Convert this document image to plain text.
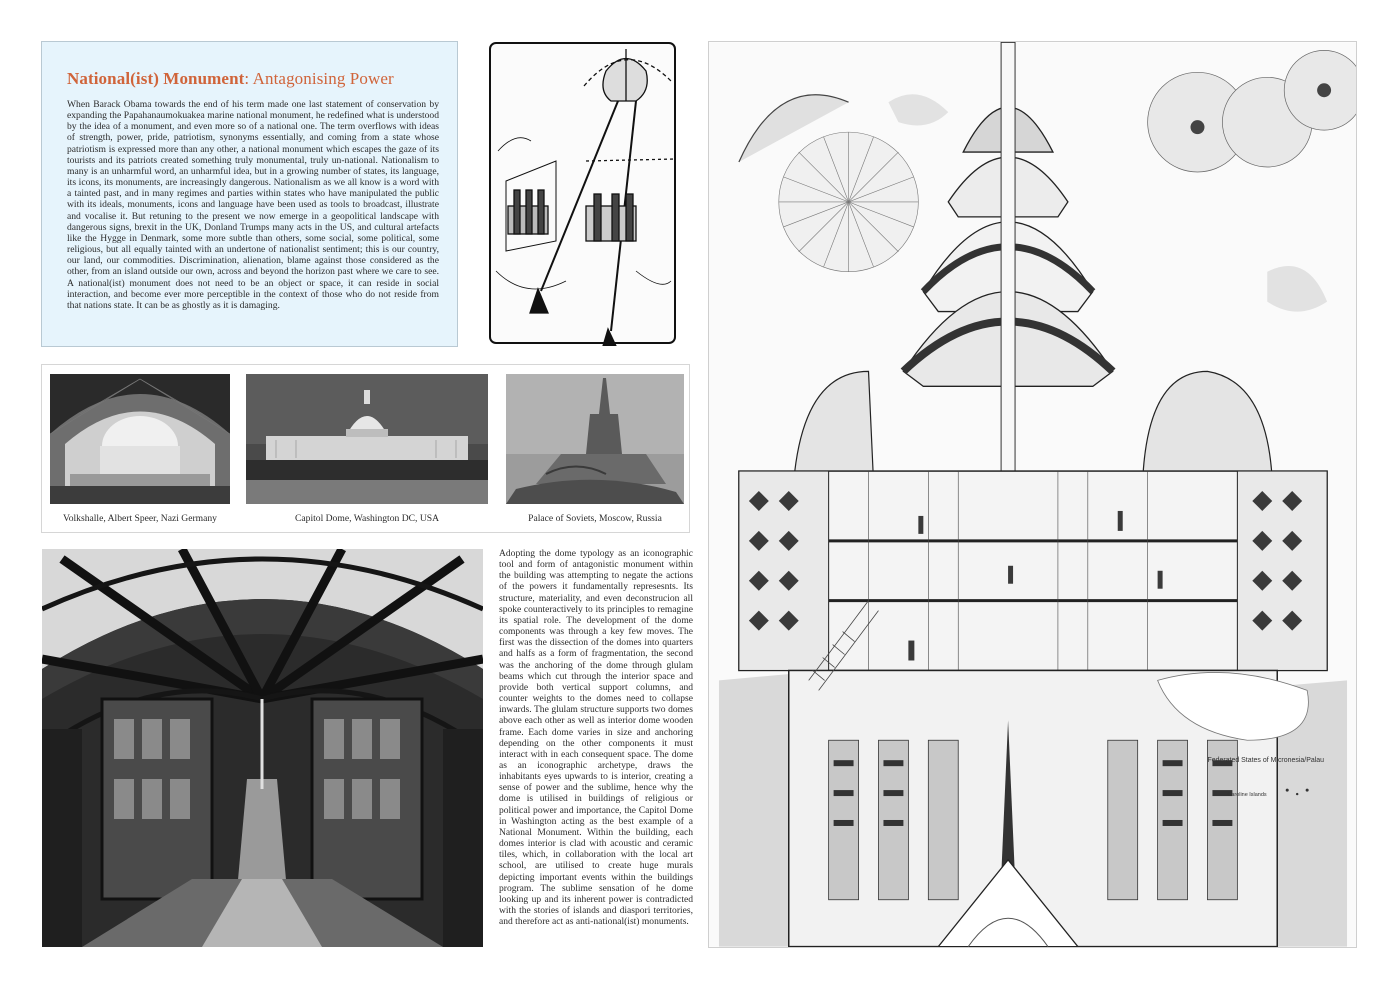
National(ist) Monument: Antagonising Power

When Barack Obama towards the end of his term made one last statement of conservation by expanding the Papahanaumokuakea marine national monument, he redefined what is understood by the idea of a monument, and even more so of a national one. The term overflows with ideas of strength, power, pride, patriotism, synonyms essentially, and coming from a state whose patriotism is expressed more than any other, a national monument which escapes the gaze of its tourists and its patriots created something truly monumental, truly un-national. Nationalism to many is an unharmful word, an unharmful idea, but in a growing number of states, its language, its icons, its monuments, are increasingly dangerous. Nationalism as we all know is a word with a tainted past, and in many regimes and parties within states who have manipulated the public with its ideals, monuments, icons and language have been used as tools to broadcast, illustrate and vocalise it. But retuning to the present we now emerge in a geopolitical landscape with dangerous signs, brexit in the UK, Donland Trumps many acts in the US, and cultural artefacts like the Hygge in Denmark, some more subtle than others, some social, some political, some religious, but all equally tainted with an undertone of nationalist sentiment; this is our country, our land, our commodities. Discrimination, alienation, blame against those considered as the other, from an island outside our own, across and beyond the horizon past where we care to see. A national(ist) monument does not need to be an object or space, it can reside in social interaction, and become ever more perceptible in the context of those who do not reside from that nations state. It can be as ghostly as it is damaging.

Volkshalle, Albert Speer, Nazi Germany	Capitol Dome, Washington DC, USA	Palace of Soviets, Moscow, Russia

Adopting the dome typology as an iconographic tool and form of antagonistic monument within the building was attempting to negate the actions of the powers it fundamentally represesnts. Its structure, materiality, and even deconstrucion all spoke counteractively to its principles to remagine its spatial role. The development of the dome components was through a key few moves. The first was the dissection of the domes into quarters and halfs as a form of fragmentation, the second was the anchoring of the dome through glulam beams which cut through the interior space and provide both vertical support columns, and counter weights to the domes need to collapse inwards. The glulam structure supports two domes above each other as well as interior dome wooden frame. Each dome varies in size and anchoring depending on the other components it must interact with in each consequent space. The dome as an iconographic archetype, draws the inhabitants eyes upwards to is interior, creating a sense of power and the sublime, hence why the dome is utilised in buildings of religious or political power and importance, the Capitol Dome in Washington acting as the best example of a National Monument. Within the building, each domes interior is clad with acoustic and ceramic tiles, which, in collaboration with the local art school, are utilised to create huge murals depicting important events within the buildings program. The sublime sensation of he dome looking up and its inherent power is contradicted with the stories of islands and diaspori territories, and therefore act as anti-national(ist) monuments.

Federated States of Micronesia/Palau
Caroline Islands
